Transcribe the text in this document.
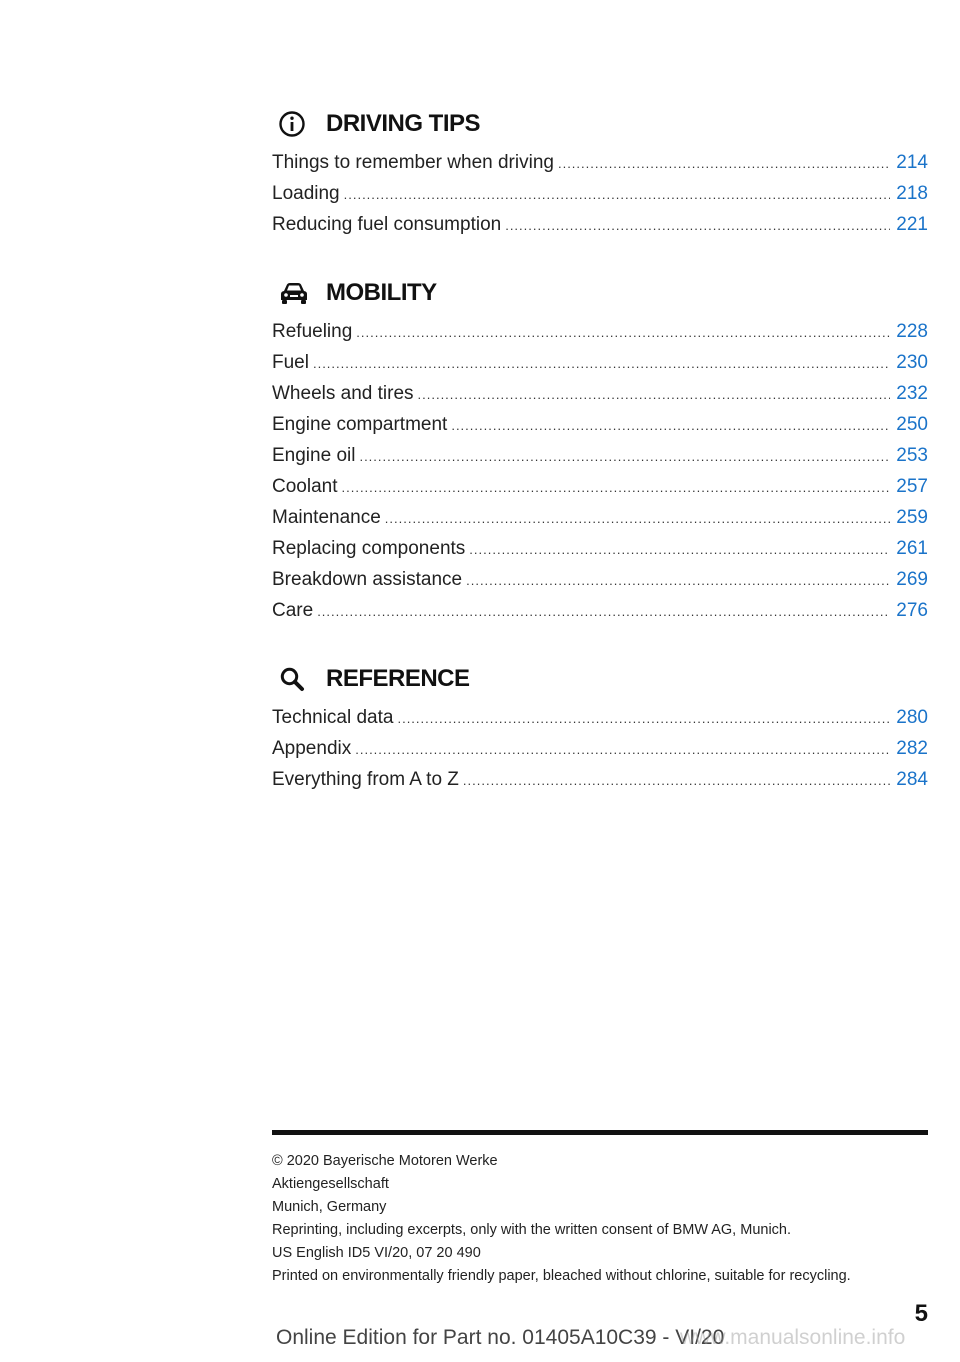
DRIVING TIPS
Things to remember when driving .....	214
Loading .....	218
Reducing fuel consumption .....	221
MOBILITY
Refueling .....	228
Fuel .....	230
Wheels and tires .....	232
Engine compartment .....	250
Engine oil .....	253
Coolant .....	257
Maintenance .....	259
Replacing components .....	261
Breakdown assistance .....	269
Care .....	276
REFERENCE
Technical data .....	280
Appendix .....	282
Everything from A to Z .....	284
© 2020 Bayerische Motoren Werke
Aktiengesellschaft
Munich, Germany
Reprinting, including excerpts, only with the written consent of BMW AG, Munich.
US English ID5 VI/20, 07 20 490
Printed on environmentally friendly paper, bleached without chlorine, suitable for recycling.
5
Online Edition for Part no. 01405A10C39 - VI/20
www.manualsonline.info
